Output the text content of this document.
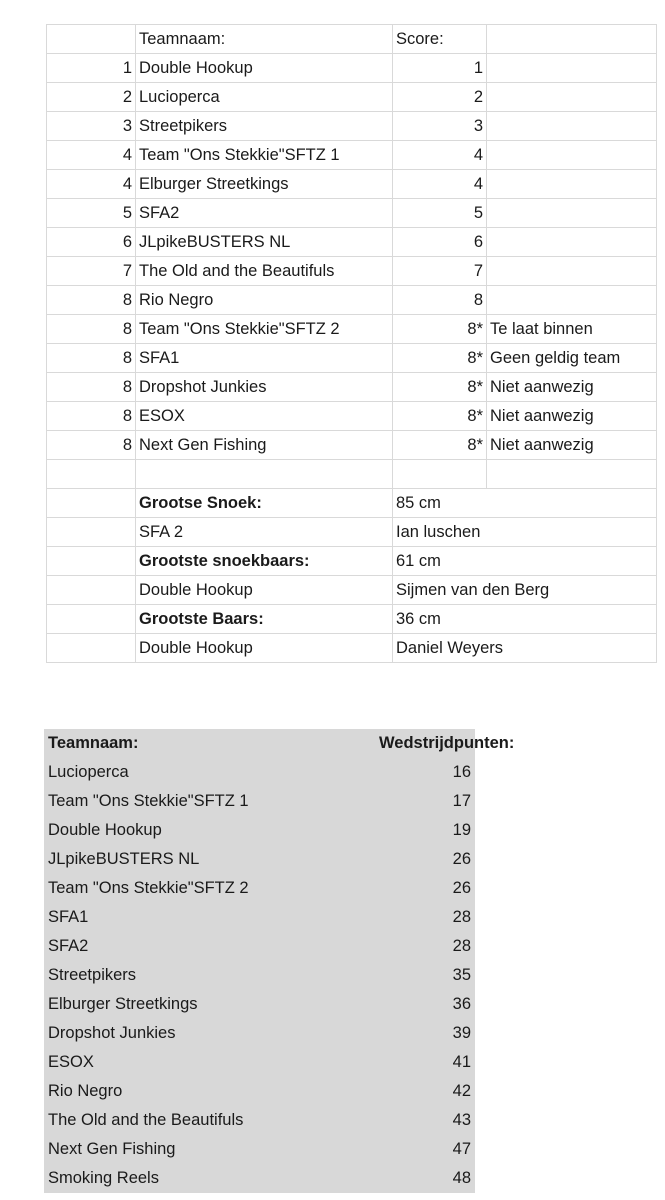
	Teamnaam:	Score:	
1	Double Hookup	1	
2	Lucioperca	2	
3	Streetpikers	3	
4	Team "Ons Stekkie"SFTZ 1	4	
4	Elburger Streetkings	4	
5	SFA2	5	
6	JLpikeBUSTERS NL	6	
7	The Old and the Beautifuls	7	
8	Rio Negro	8	
8	Team "Ons Stekkie"SFTZ 2	8*	Te laat binnen
8	SFA1	8*	Geen geldig team
8	Dropshot Junkies	8*	Niet aanwezig
8	ESOX	8*	Niet aanwezig
8	Next Gen Fishing	8*	Niet aanwezig

	Grootse Snoek:	85 cm	
	SFA 2	Ian luschen	
	Grootste snoekbaars:	61 cm	
	Double Hookup	Sijmen van den Berg	
	Grootste Baars:	36 cm	
	Double Hookup	Daniel Weyers	
Teamnaam:	Wedstrijdpunten:
Lucioperca	16
Team "Ons Stekkie"SFTZ 1	17
Double Hookup	19
JLpikeBUSTERS NL	26
Team "Ons Stekkie"SFTZ 2	26
SFA1	28
SFA2	28
Streetpikers	35
Elburger Streetkings	36
Dropshot Junkies	39
ESOX	41
Rio Negro	42
The Old and the Beautifuls	43
Next Gen Fishing	47
Smoking Reels	48
